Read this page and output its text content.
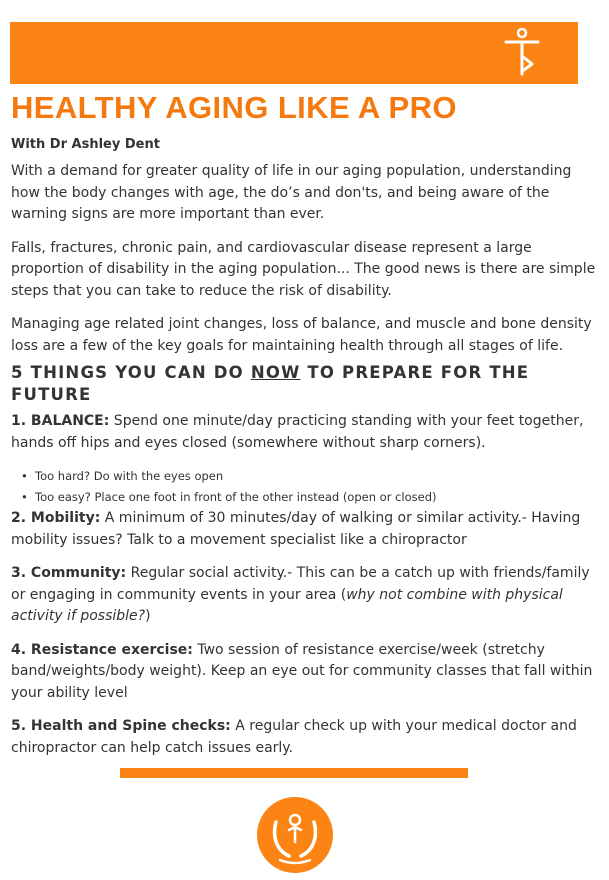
HEALTHY AGING LIKE A PRO

With Dr Ashley Dent

With a demand for greater quality of life in our aging population, understanding how the body changes with age, the do’s and don'ts, and being aware of the warning signs are more important than ever.

Falls, fractures, chronic pain, and cardiovascular disease represent a large proportion of disability in the aging population... The good news is there are simple steps that you can take to reduce the risk of disability.

Managing age related joint changes, loss of balance, and muscle and bone density loss are a few of the key goals for maintaining health through all stages of life.

5 THINGS YOU CAN DO NOW TO PREPARE FOR THE FUTURE

1. BALANCE: Spend one minute/day practicing standing with your feet together, hands off hips and eyes closed (somewhere without sharp corners).

• Too hard? Do with the eyes open
• Too easy? Place one foot in front of the other instead (open or closed)

2. Mobility: A minimum of 30 minutes/day of walking or similar activity.- Having mobility issues? Talk to a movement specialist like a chiropractor

3. Community: Regular social activity.- This can be a catch up with friends/family or engaging in community events in your area (why not combine with physical activity if possible?)

4. Resistance exercise: Two session of resistance exercise/week (stretchy band/weights/body weight). Keep an eye out for community classes that fall within your ability level

5. Health and Spine checks: A regular check up with your medical doctor and chiropractor can help catch issues early.
